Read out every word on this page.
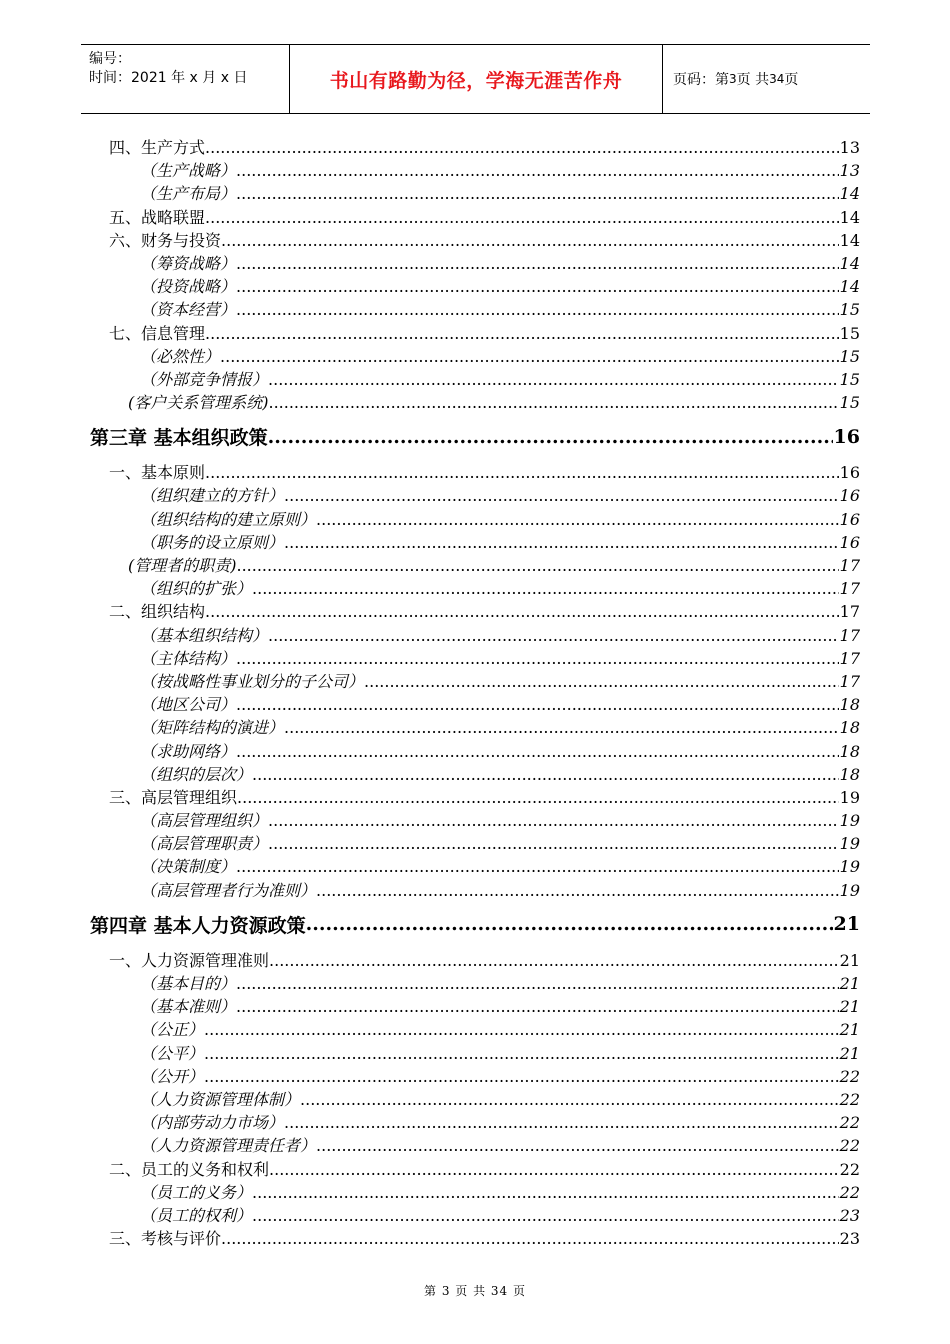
编号：
时间：2021 年 x 月 x 日	书山有路勤为径，学海无涯苦作舟	页码：第 3 页 共 34 页
四、生产方式 .....	13
（生产战略） .....	13
（生产布局） .....	14
五、战略联盟 .....	14
六、财务与投资 .....	14
（筹资战略） .....	14
（投资战略） .....	14
（资本经营） .....	15
七、信息管理 .....	15
（必然性） .....	15
（外部竞争情报） .....	15
(客户关系管理系统) .....	15
第三章 基本组织政策 .....	16
一、基本原则 .....	16
（组织建立的方针） .....	16
（组织结构的建立原则） .....	16
（职务的设立原则） .....	16
(管理者的职责) .....	17
（组织的扩张） .....	17
二、组织结构 .....	17
（基本组织结构） .....	17
（主体结构） .....	17
（按战略性事业划分的子公司） .....	17
（地区公司） .....	18
（矩阵结构的演进） .....	18
（求助网络） .....	18
（组织的层次） .....	18
三、高层管理组织 .....	19
（高层管理组织） .....	19
（高层管理职责） .....	19
（决策制度） .....	19
（高层管理者行为准则） .....	19
第四章 基本人力资源政策 .....	21
一、人力资源管理准则 .....	21
（基本目的） .....	21
（基本准则） .....	21
（公正） .....	21
（公平） .....	21
（公开） .....	22
（人力资源管理体制） .....	22
（内部劳动力市场） .....	22
（人力资源管理责任者） .....	22
二、员工的义务和权利 .....	22
（员工的义务） .....	22
（员工的权利） .....	23
三、考核与评价 .....	23
第 3 页 共 34 页
